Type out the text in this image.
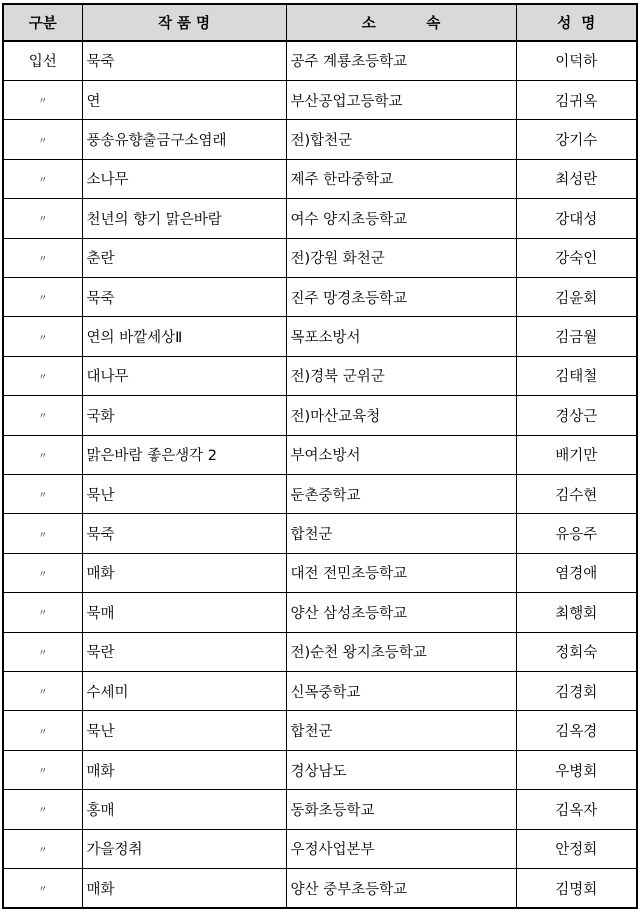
구분	작 품 명	소          속	성  명
입선	묵죽	공주 계룡초등학교	이덕하
〃	연	부산공업고등학교	김귀옥
〃	풍송유향출금구소염래	전)합천군	강기수
〃	소나무	제주 한라중학교	최성란
〃	천년의 향기 맑은바람	여수 양지초등학교	강대성
〃	춘란	전)강원 화천군	강숙인
〃	묵죽	진주 망경초등학교	김윤회
〃	연의 바깥세상Ⅱ	목포소방서	김금월
〃	대나무	전)경북 군위군	김태철
〃	국화	전)마산교육청	경상근
〃	맑은바람 좋은생각 2	부여소방서	배기만
〃	묵난	둔촌중학교	김수현
〃	묵죽	합천군	유응주
〃	매화	대전 전민초등학교	염경애
〃	묵매	양산 삼성초등학교	최행회
〃	묵란	전)순천 왕지초등학교	정회숙
〃	수세미	신목중학교	김경회
〃	묵난	합천군	김옥경
〃	매화	경상남도	우병회
〃	홍매	동화초등학교	김옥자
〃	가을정취	우정사업본부	안정회
〃	매화	양산 중부초등학교	김명회
